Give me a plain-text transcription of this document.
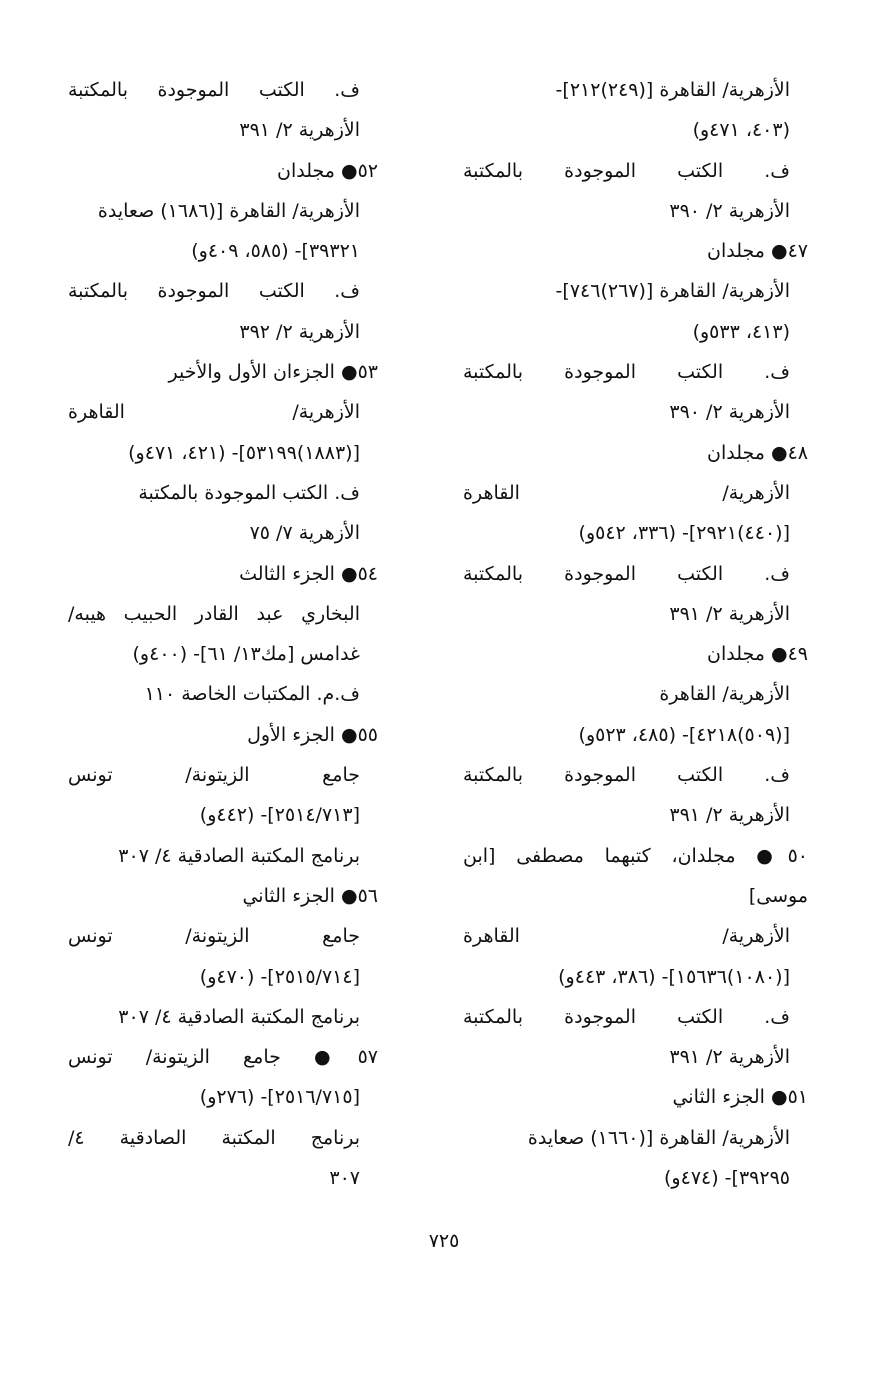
الأزهرية/ القاهرة [(٢٤٩)٢١٢]-
(٤٠٣، ٤٧١و)
ف. الكتب الموجودة بالمكتبة
الأزهرية ٢/ ٣٩٠
٤٧● مجلدان
الأزهرية/ القاهرة [(٢٦٧)٧٤٦]-
(٤١٣، ٥٣٣و)
ف. الكتب الموجودة بالمكتبة
الأزهرية ٢/ ٣٩٠
٤٨● مجلدان
الأزهرية/ القاهرة
[(٤٤٠)٢٩٢١]- (٣٣٦، ٥٤٢و)
ف. الكتب الموجودة بالمكتبة
الأزهرية ٢/ ٣٩١
٤٩● مجلدان
الأزهرية/ القاهرة
[(٥٠٩)٤٢١٨]- (٤٨٥، ٥٢٣و)
ف. الكتب الموجودة بالمكتبة
الأزهرية ٢/ ٣٩١
٥٠● مجلدان، كتبهما مصطفى [ابن
موسى]
الأزهرية/ القاهرة
[(١٠٨٠)١٥٦٣٦]- (٣٨٦، ٤٤٣و)
ف. الكتب الموجودة بالمكتبة
الأزهرية ٢/ ٣٩١
٥١● الجزء الثاني
الأزهرية/ القاهرة [(١٦٦٠) صعايدة
٣٩٢٩٥]- (٤٧٤و)
ف. الكتب الموجودة بالمكتبة
الأزهرية ٢/ ٣٩١
٥٢● مجلدان
الأزهرية/ القاهرة [(١٦٨٦) صعايدة
٣٩٣٢١]- (٥٨٥، ٤٠٩و)
ف. الكتب الموجودة بالمكتبة
الأزهرية ٢/ ٣٩٢
٥٣● الجزءان الأول والأخير
الأزهرية/ القاهرة
[(١٨٨٣)٥٣١٩٩]- (٤٢١، ٤٧١و)
ف. الكتب الموجودة بالمكتبة
الأزهرية ٧/ ٧٥
٥٤● الجزء الثالث
البخاري عبد القادر الحبيب هيبه/
غدامس [مك١٣/ ٦١]- (٤٠٠و)
ف.م. المكتبات الخاصة ١١٠
٥٥● الجزء الأول
جامع الزيتونة/ تونس
[٢٥١٤/٧١٣]- (٤٤٢و)
برنامج المكتبة الصادقية ٤/ ٣٠٧
٥٦● الجزء الثاني
جامع الزيتونة/ تونس
[٢٥١٥/٧١٤]- (٤٧٠و)
برنامج المكتبة الصادقية ٤/ ٣٠٧
٥٧● جامع الزيتونة/ تونس
[٢٥١٦/٧١٥]- (٢٧٦و)
برنامج المكتبة الصادقية ٤/
٣٠٧
٧٢٥
